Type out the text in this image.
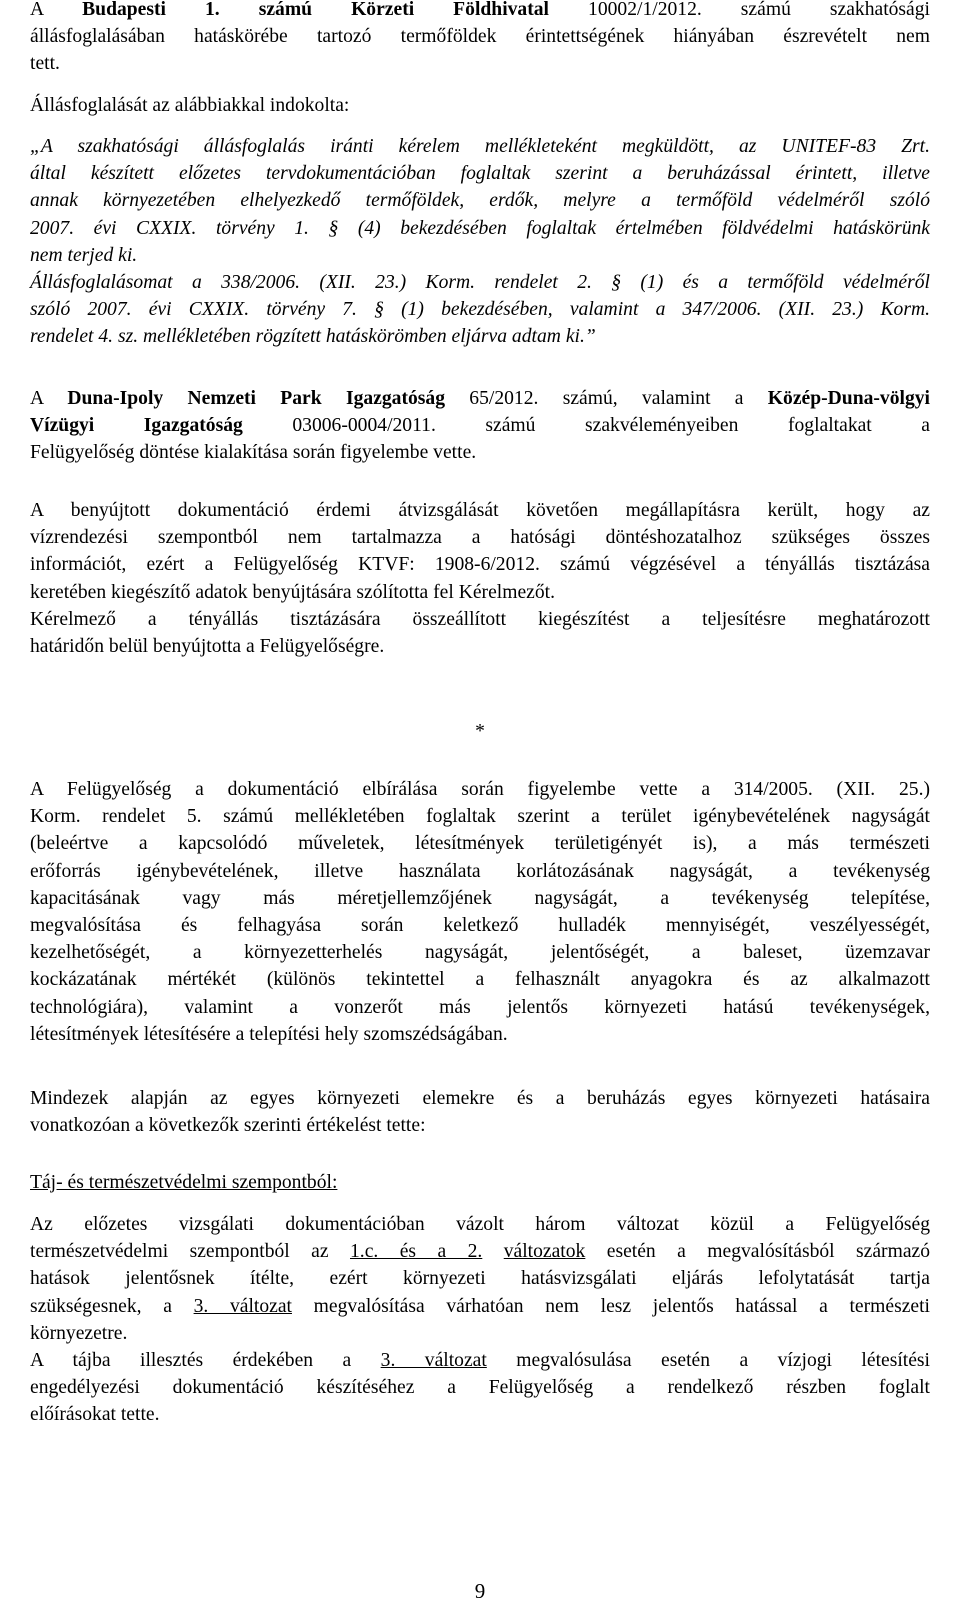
A Budapesti 1. számú Körzeti Földhivatal 10002/1/2012. számú szakhatósági
állásfoglalásában hatáskörébe tartozó termőföldek érintettségének hiányában észrevételt nem
tett.
Állásfoglalását az alábbiakkal indokolta:
„A szakhatósági állásfoglalás iránti kérelem mellékleteként megküldött, az UNITEF-83 Zrt.
által készített előzetes tervdokumentációban foglaltak szerint a beruházással érintett, illetve
annak környezetében elhelyezkedő termőföldek, erdők, melyre a termőföld védelméről szóló
2007. évi CXXIX. törvény 1. § (4) bekezdésében foglaltak értelmében földvédelmi hatáskörünk
nem terjed ki.
Állásfoglalásomat a 338/2006. (XII. 23.) Korm. rendelet 2. § (1) és a termőföld védelméről
szóló 2007. évi CXXIX. törvény 7. § (1) bekezdésében, valamint a 347/2006. (XII. 23.) Korm.
rendelet 4. sz. mellékletében rögzített hatáskörömben eljárva adtam ki.”
A Duna-Ipoly Nemzeti Park Igazgatóság 65/2012. számú, valamint a Közép-Duna-völgyi
Vízügyi Igazgatóság 03006-0004/2011. számú szakvéleményeiben foglaltakat a
Felügyelőség döntése kialakítása során figyelembe vette.
A benyújtott dokumentáció érdemi átvizsgálását követően megállapításra került, hogy az
vízrendezési szempontból nem tartalmazza a hatósági döntéshozatalhoz szükséges összes
információt, ezért a Felügyelőség KTVF: 1908-6/2012. számú végzésével a tényállás tisztázása
keretében kiegészítő adatok benyújtására szólította fel Kérelmezőt.
Kérelmező a tényállás tisztázására összeállított kiegészítést a teljesítésre meghatározott
határidőn belül benyújtotta a Felügyelőségre.
*
A Felügyelőség a dokumentáció elbírálása során figyelembe vette a 314/2005. (XII. 25.)
Korm. rendelet 5. számú mellékletében foglaltak szerint a terület igénybevételének nagyságát
(beleértve a kapcsolódó műveletek, létesítmények területigényét is), a más természeti
erőforrás igénybevételének, illetve használata korlátozásának nagyságát, a tevékenység
kapacitásának vagy más méretjellemzőjének nagyságát, a tevékenység telepítése,
megvalósítása és felhagyása során keletkező hulladék mennyiségét, veszélyességét,
kezelhetőségét, a környezetterhelés nagyságát, jelentőségét, a baleset, üzemzavar
kockázatának mértékét (különös tekintettel a felhasznált anyagokra és az alkalmazott
technológiára), valamint a vonzerőt más jelentős környezeti hatású tevékenységek,
létesítmények létesítésére a telepítési hely szomszédságában.
Mindezek alapján az egyes környezeti elemekre és a beruházás egyes környezeti hatásaira
vonatkozóan a következők szerinti értékelést tette:
Táj- és természetvédelmi szempontból:
Az előzetes vizsgálati dokumentációban vázolt három változat közül a Felügyelőség
természetvédelmi szempontból az 1.c. és a 2. változatok esetén a megvalósításból származó
hatások jelentősnek ítélte, ezért környezeti hatásvizsgálati eljárás lefolytatását tartja
szükségesnek, a 3. változat megvalósítása várhatóan nem lesz jelentős hatással a természeti
környezetre.
A tájba illesztés érdekében a 3. változat megvalósulása esetén a vízjogi létesítési
engedélyezési dokumentáció készítéséhez a Felügyelőség a rendelkező részben foglalt
előírásokat tette.
9
